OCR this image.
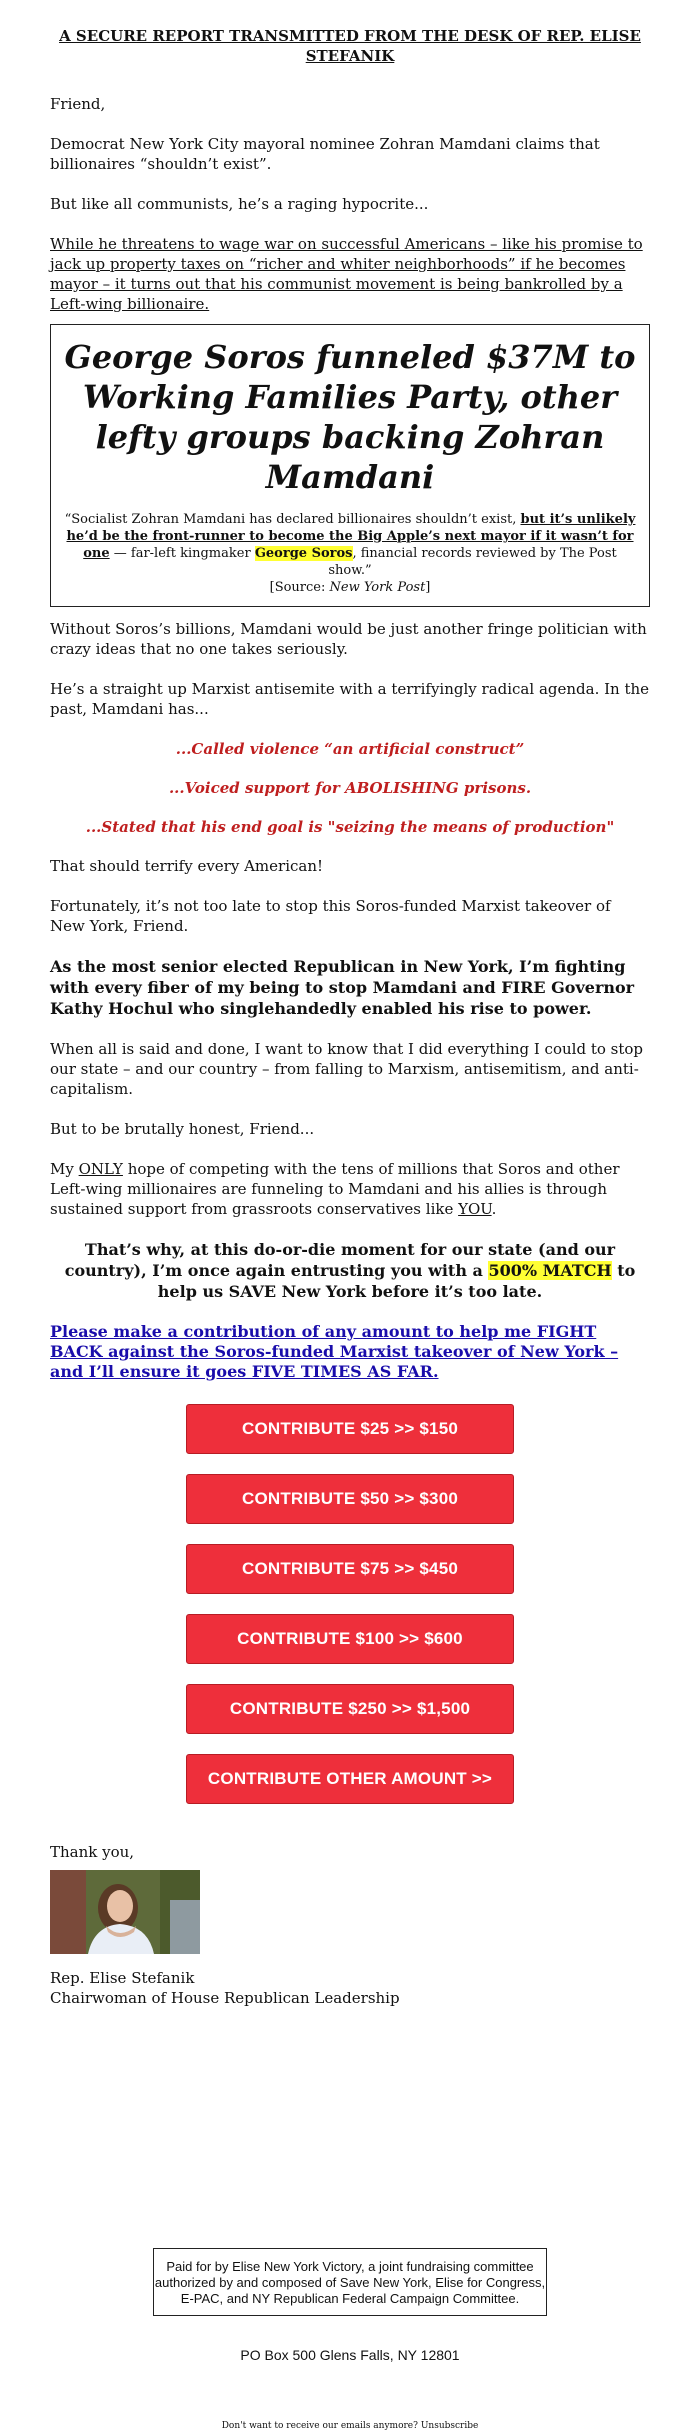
A SECURE REPORT TRANSMITTED FROM THE DESK OF REP. ELISE STEFANIK

Friend,

Democrat New York City mayoral nominee Zohran Mamdani claims that billionaires “shouldn’t exist”.

But like all communists, he’s a raging hypocrite...

While he threatens to wage war on successful Americans – like his promise to jack up property taxes on “richer and whiter neighborhoods” if he becomes mayor – it turns out that his communist movement is being bankrolled by a Left-wing billionaire.

George Soros funneled $37M to Working Families Party, other lefty groups backing Zohran Mamdani
“Socialist Zohran Mamdani has declared billionaires shouldn’t exist, but it’s unlikely he’d be the front-runner to become the Big Apple’s next mayor if it wasn’t for one — far-left kingmaker George Soros, financial records reviewed by The Post show.”
[Source: New York Post]

Without Soros’s billions, Mamdani would be just another fringe politician with crazy ideas that no one takes seriously.

He’s a straight up Marxist antisemite with a terrifyingly radical agenda. In the past, Mamdani has...

...Called violence “an artificial construct”
...Voiced support for ABOLISHING prisons.
...Stated that his end goal is "seizing the means of production"

That should terrify every American!

Fortunately, it’s not too late to stop this Soros-funded Marxist takeover of New York, Friend.

As the most senior elected Republican in New York, I’m fighting with every fiber of my being to stop Mamdani and FIRE Governor Kathy Hochul who singlehandedly enabled his rise to power.

When all is said and done, I want to know that I did everything I could to stop our state – and our country – from falling to Marxism, antisemitism, and anti-capitalism.

But to be brutally honest, Friend...

My ONLY hope of competing with the tens of millions that Soros and other Left-wing millionaires are funneling to Mamdani and his allies is through sustained support from grassroots conservatives like YOU.

That’s why, at this do-or-die moment for our state (and our country), I’m once again entrusting you with a 500% MATCH to help us SAVE New York before it’s too late.

Please make a contribution of any amount to help me FIGHT BACK against the Soros-funded Marxist takeover of New York – and I’ll ensure it goes FIVE TIMES AS FAR.

CONTRIBUTE $25 >> $150
CONTRIBUTE $50 >> $300
CONTRIBUTE $75 >> $450
CONTRIBUTE $100 >> $600
CONTRIBUTE $250 >> $1,500
CONTRIBUTE OTHER AMOUNT >>

Thank you,

Rep. Elise Stefanik

Chairwoman of House Republican Leadership

Paid for by Elise New York Victory, a joint fundraising committee authorized by and composed of Save New York, Elise for Congress, E-PAC, and NY Republican Federal Campaign Committee.
PO Box 500 Glens Falls, NY 12801
Don't want to receive our emails anymore? Unsubscribe
